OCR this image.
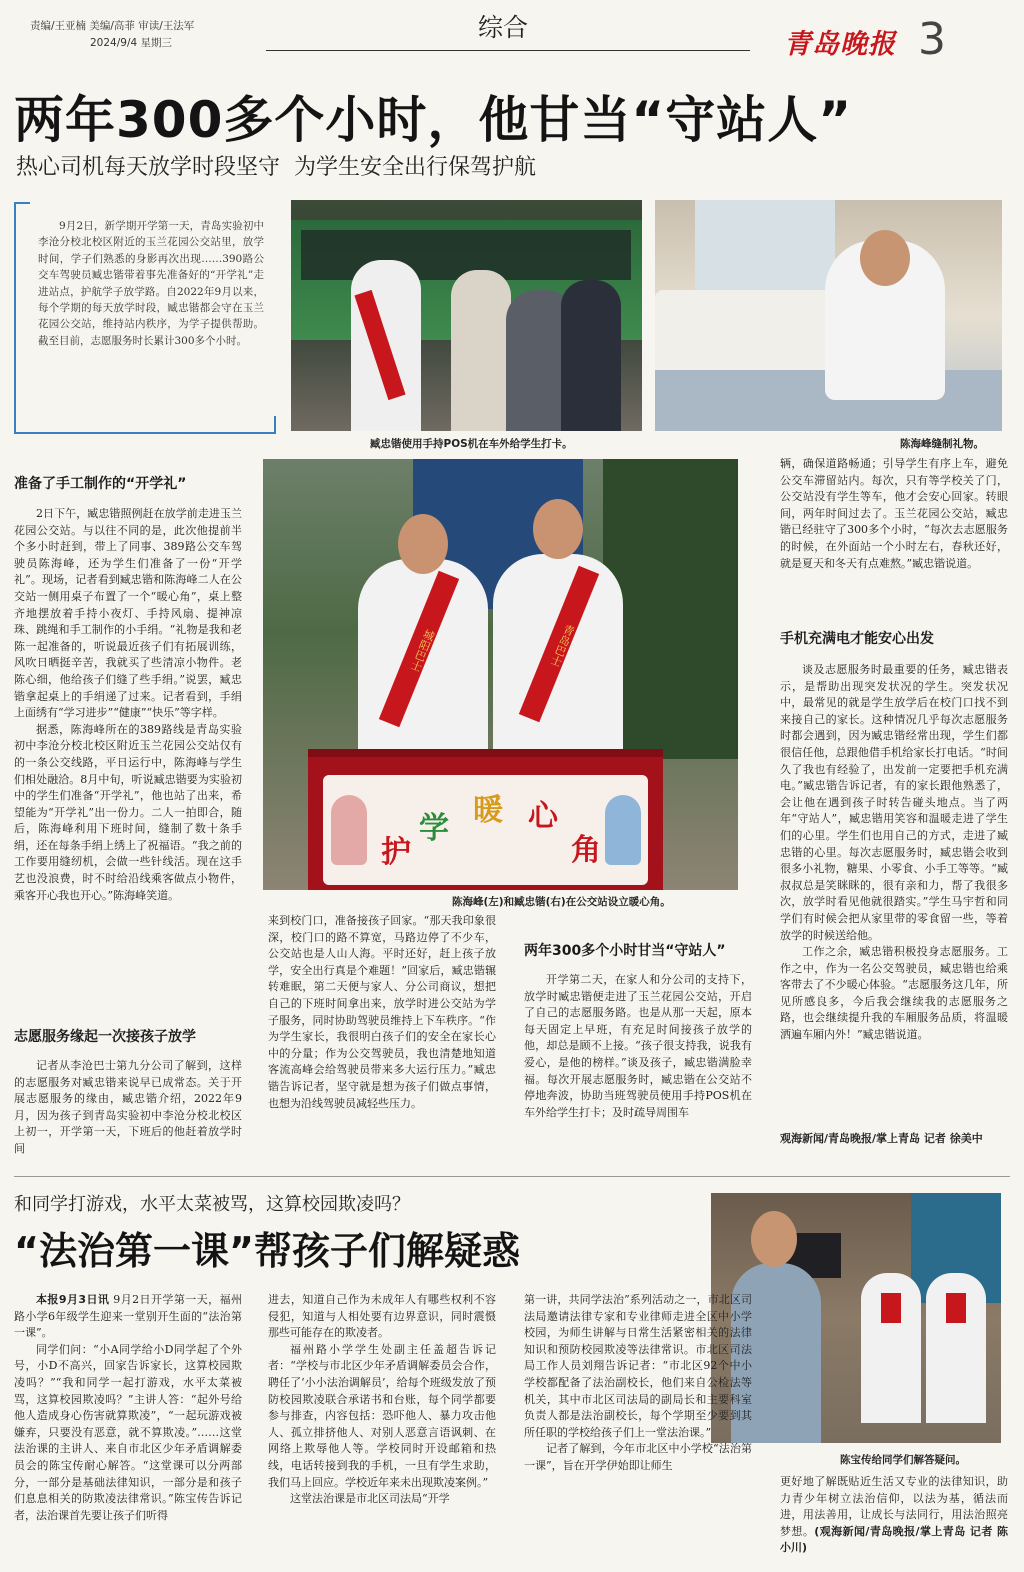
责编/王亚楠 美编/高菲 审读/王法军
2024/9/4 星期三
综合
青岛晚报 3
两年300多个小时，他甘当“守站人”
热心司机每天放学时段坚守  为学生安全出行保驾护航

9月2日，新学期开学第一天，青岛实验初中李沧分校北校区附近的玉兰花园公交站里，放学时间，学子们熟悉的身影再次出现……390路公交车驾驶员臧忠锴带着事先准备好的“开学礼”走进站点，护航学子放学路。自2022年9月以来，每个学期的每天放学时段，臧忠锴都会守在玉兰花园公交站，维持站内秩序，为学子提供帮助。截至目前，志愿服务时长累计300多个小时。

臧忠锴使用手持POS机在车外给学生打卡。	陈海峰缝制礼物。
城阳巴士	青岛巴士
护
学
暖 心
角
陈海峰(左)和臧忠锴(右)在公交站设立暖心角。
准备了手工制作的“开学礼”

2日下午，臧忠锴照例赶在放学前走进玉兰花园公交站。与以往不同的是，此次他提前半个多小时赶到，带上了同事、389路公交车驾驶员陈海峰，还为学生们准备了一份“开学礼”。现场，记者看到臧忠锴和陈海峰二人在公交站一侧用桌子布置了一个“暖心角”，桌上整齐地摆放着手持小夜灯、手持风扇、提神凉珠、跳绳和手工制作的小手绢。“礼物是我和老陈一起准备的，听说最近孩子们有拓展训练，风吹日晒挺辛苦，我就买了些清凉小物件。老陈心细，他给孩子们缝了些手绢。”说罢，臧忠锴拿起桌上的手绢递了过来。记者看到，手绢上面绣有“学习进步”“健康”“快乐”等字样。

据悉，陈海峰所在的389路线是青岛实验初中李沧分校北校区附近玉兰花园公交站仅有的一条公交线路，平日运行中，陈海峰与学生们相处融洽。8月中旬，听说臧忠锴要为实验初中的学生们准备“开学礼”，他也站了出来，希望能为“开学礼”出一份力。二人一拍即合，随后，陈海峰利用下班时间，缝制了数十条手绢，还在每条手绢上绣上了祝福语。“我之前的工作要用缝纫机，会做一些针线活。现在这手艺也没浪费，时不时给沿线乘客做点小物件，乘客开心我也开心。”陈海峰笑道。

志愿服务缘起一次接孩子放学

记者从李沧巴士第九分公司了解到，这样的志愿服务对臧忠锴来说早已成常态。关于开展志愿服务的缘由，臧忠锴介绍，2022年9月，因为孩子到青岛实验初中李沧分校北校区上初一，开学第一天，下班后的他赶着放学时间

来到校门口，准备接孩子回家。“那天我印象很深，校门口的路不算宽，马路边停了不少车，公交站也是人山人海。平时还好，赶上孩子放学，安全出行真是个难题！”回家后，臧忠锴辗转难眠，第二天便与家人、分公司商议，想把自己的下班时间拿出来，放学时进公交站为学子服务，同时协助驾驶员维持上下车秩序。“作为学生家长，我很明白孩子们的安全在家长心中的分量；作为公交驾驶员，我也清楚地知道客流高峰会给驾驶员带来多大运行压力。”臧忠锴告诉记者，坚守就是想为孩子们做点事情，也想为沿线驾驶员减轻些压力。

两年300多个小时甘当“守站人”

开学第二天，在家人和分公司的支持下，放学时臧忠锴便走进了玉兰花园公交站，开启了自己的志愿服务路。也是从那一天起，原本每天固定上早班，有充足时间接孩子放学的他，却总是顾不上接。“孩子很支持我，说我有爱心，是他的榜样。”谈及孩子，臧忠锴满脸幸福。每次开展志愿服务时，臧忠锴在公交站不停地奔波，协助当班驾驶员使用手持POS机在车外给学生打卡；及时疏导周围车

辆，确保道路畅通；引导学生有序上车，避免公交车滞留站内。每次，只有等学校关了门，公交站没有学生等车，他才会安心回家。转眼间，两年时间过去了。玉兰花园公交站，臧忠锴已经驻守了300多个小时，“每次去志愿服务的时候，在外面站一个小时左右，春秋还好，就是夏天和冬天有点难熬。”臧忠锴说道。

手机充满电才能安心出发

谈及志愿服务时最重要的任务，臧忠锴表示，是帮助出现突发状况的学生。突发状况中，最常见的就是学生放学后在校门口找不到来接自己的家长。这种情况几乎每次志愿服务时都会遇到，因为臧忠锴经常出现，学生们都很信任他，总跟他借手机给家长打电话。“时间久了我也有经验了，出发前一定要把手机充满电。”臧忠锴告诉记者，有的家长跟他熟悉了，会让他在遇到孩子时转告碰头地点。当了两年“守站人”，臧忠锴用笑容和温暖走进了学生们的心里。学生们也用自己的方式，走进了臧忠锴的心里。每次志愿服务时，臧忠锴会收到很多小礼物，糖果、小零食、小手工等等。“臧叔叔总是笑眯眯的，很有亲和力，帮了我很多次，放学时看见他就很踏实。”学生马宇哲和同学们有时候会把从家里带的零食留一些，等着放学的时候送给他。

工作之余，臧忠锴积极投身志愿服务。工作之中，作为一名公交驾驶员，臧忠锴也给乘客带去了不少暖心体验。“志愿服务这几年，所见所感良多，今后我会继续我的志愿服务之路，也会继续提升我的车厢服务品质，将温暖洒遍车厢内外！”臧忠锴说道。

观海新闻/青岛晚报/掌上青岛 记者 徐美中
和同学打游戏，水平太菜被骂，这算校园欺凌吗？
“法治第一课”帮孩子们解疑惑
陈宝传给同学们解答疑问。

本报9月3日讯 9月2日开学第一天，福州路小学6年级学生迎来一堂别开生面的“法治第一课”。

同学们问：“小A同学给小D同学起了个外号，小D不高兴，回家告诉家长，这算校园欺凌吗？”“我和同学一起打游戏，水平太菜被骂，这算校园欺凌吗？”主讲人答：“起外号给他人造成身心伤害就算欺凌”，“一起玩游戏被嫌弃，只要没有恶意，就不算欺凌。”……这堂法治课的主讲人、来自市北区少年矛盾调解委员会的陈宝传耐心解答。“这堂课可以分两部分，一部分是基础法律知识，一部分是和孩子们息息相关的防欺凌法律常识。”陈宝传告诉记者，法治课首先要让孩子们听得

进去，知道自己作为未成年人有哪些权利不容侵犯，知道与人相处要有边界意识，同时震慑那些可能存在的欺凌者。

福州路小学学生处副主任盖超告诉记者：“学校与市北区少年矛盾调解委员会合作，聘任了‘小小法治调解员’，给每个班级发放了预防校园欺凌联合承诺书和台账，每个同学都要参与排查，内容包括：恐吓他人、暴力攻击他人、孤立排挤他人、对别人恶意言语讽刺、在网络上欺辱他人等。学校同时开设邮箱和热线，电话转接到我的手机，一旦有学生求助，我们马上回应。学校近年来未出现欺凌案例。”

这堂法治课是市北区司法局“开学

第一讲，共同学法治”系列活动之一，市北区司法局邀请法律专家和专业律师走进全区中小学校园，为师生讲解与日常生活紧密相关的法律知识和预防校园欺凌等法律常识。市北区司法局工作人员刘翔告诉记者：“市北区92个中小学校都配备了法治副校长，他们来自公检法等机关，其中市北区司法局的副局长和主要科室负责人都是法治副校长，每个学期至少要到其所任职的学校给孩子们上一堂法治课。”

记者了解到，今年市北区中小学校“法治第一课”，旨在开学伊始即让师生

更好地了解既贴近生活又专业的法律知识，助力青少年树立法治信仰，以法为基，循法而进，用法善用，让成长与法同行，用法治照亮梦想。(观海新闻/青岛晚报/掌上青岛 记者 陈小川)
